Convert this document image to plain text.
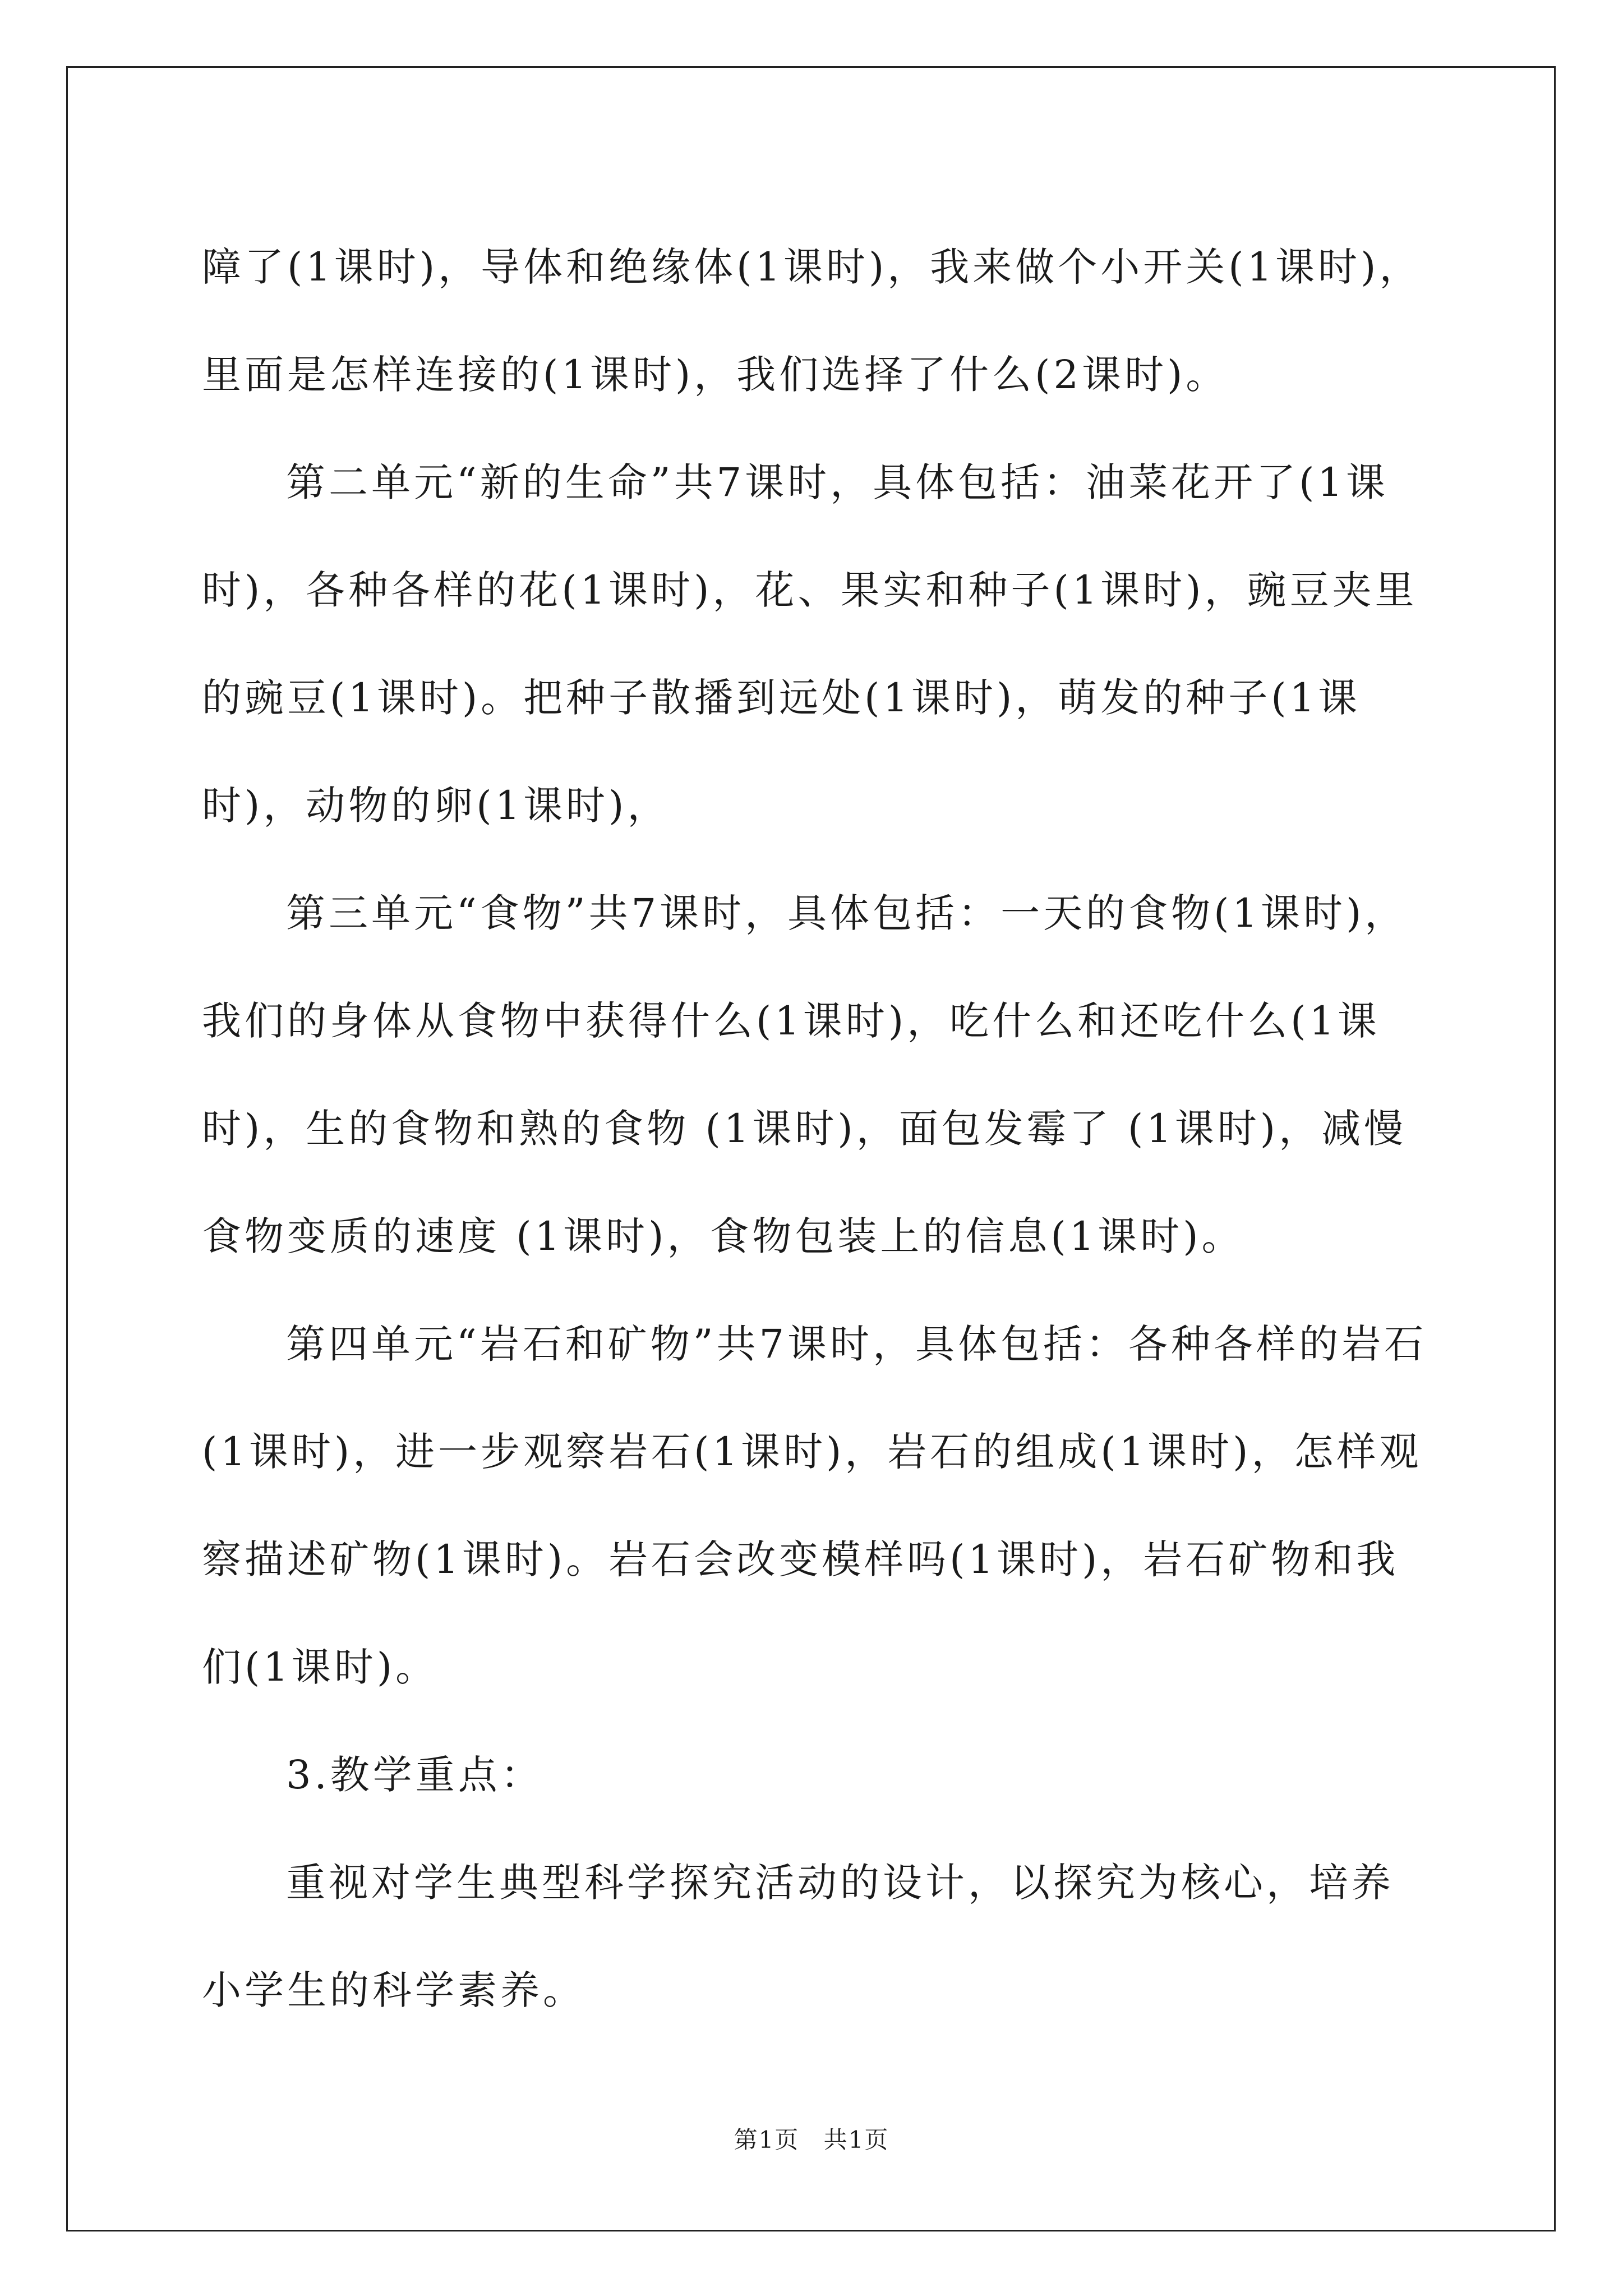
障了(1课时)，导体和绝缘体(1课时)，我来做个小开关(1课时)，里面是怎样连接的(1课时)，我们选择了什么(2课时)。

第二单元“新的生命”共7课时，具体包括：油菜花开了(1课时)，各种各样的花(1课时)，花、果实和种子(1课时)，豌豆夹里的豌豆(1课时)。把种子散播到远处(1课时)，萌发的种子(1课时)，动物的卵(1课时)，

第三单元“食物”共7课时，具体包括：一天的食物(1课时)，我们的身体从食物中获得什么(1课时)，吃什么和还吃什么(1课时)，生的食物和熟的食物 (1课时)，面包发霉了 (1课时)，减慢食物变质的速度 (1课时)，食物包装上的信息(1课时)。

第四单元“岩石和矿物”共7课时，具体包括：各种各样的岩石(1课时)，进一步观察岩石(1课时)，岩石的组成(1课时)，怎样观察描述矿物(1课时)。岩石会改变模样吗(1课时)，岩石矿物和我们(1课时)。

3.教学重点：

重视对学生典型科学探究活动的设计，以探究为核心，培养小学生的科学素养。

第1页 共1页
